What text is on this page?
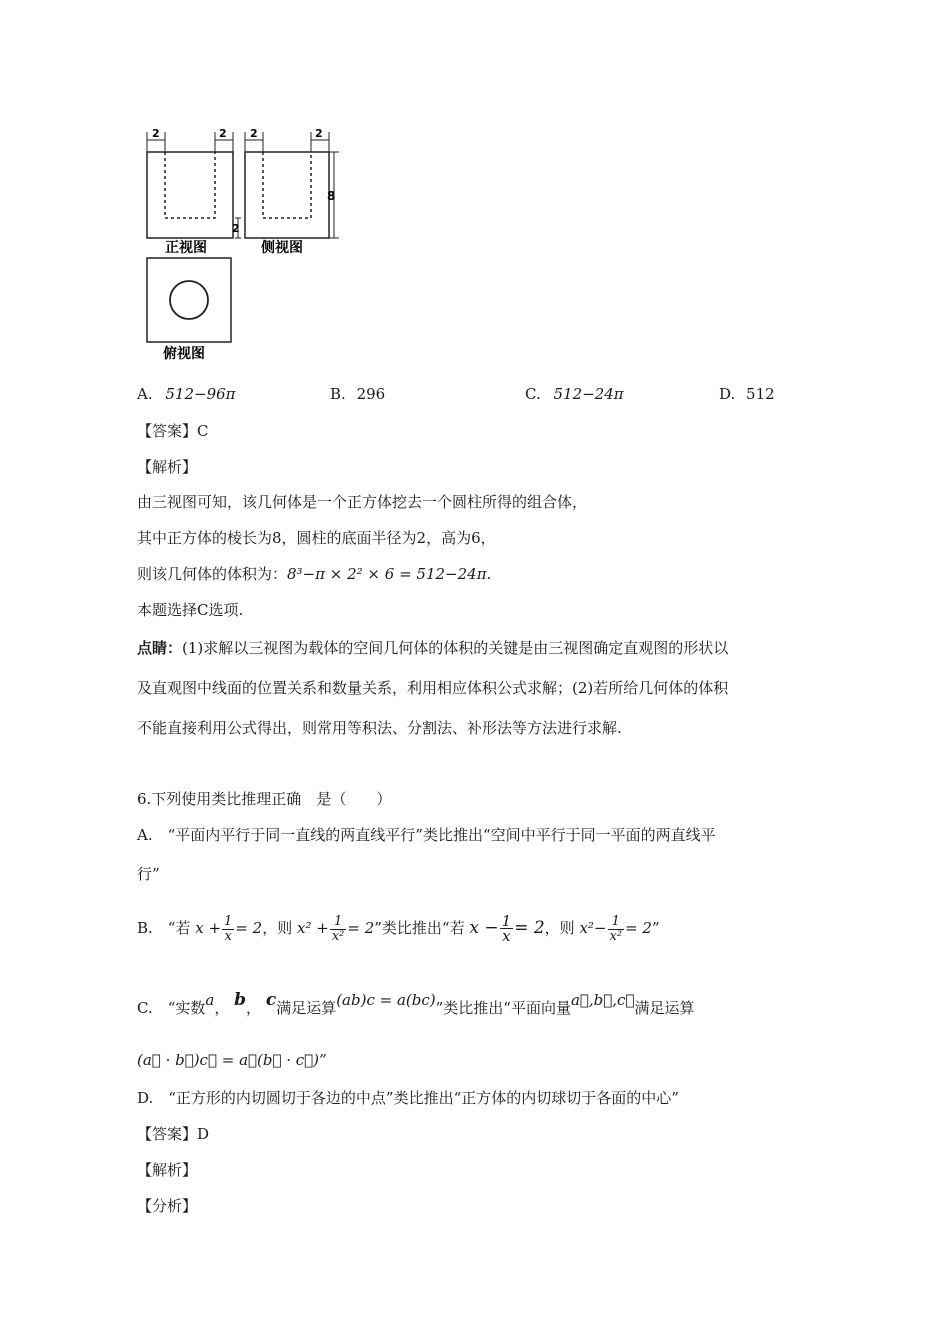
2	2
2
正视图
2	2
8
侧视图
俯视图
A. 512−96π	B. 296	C. 512−24π	D. 512
【答案】C
【解析】
由三视图可知，该几何体是一个正方体挖去一个圆柱所得的组合体，
其中正方体的棱长为8，圆柱的底面半径为2，高为6，
则该几何体的体积为：8³−π × 2² × 6 = 512−24π.
本题选择C选项.
点睛：(1)求解以三视图为载体的空间几何体的体积的关键是由三视图确定直观图的形状以
及直观图中线面的位置关系和数量关系，利用相应体积公式求解；(2)若所给几何体的体积
不能直接利用公式得出，则常用等积法、分割法、补形法等方法进行求解.
6.下列使用类比推理正确　是（　　）
A.　“平面内平行于同一直线的两直线平行”类比推出“空间中平行于同一平面的两直线平
行”
B.　“若 $x + \frac{1}{x} = 2$，则 $x^2 + \frac{1}{\text{x²}} = 2$”类比推出“若 $x - \frac{1}{x} = 2$，则 $x^2- \frac{1}{\text{x²}} = 2$”
C.　“实数a， b， c满足运算(ab)c = a(bc)”类比推出“平面向量a⃗,b⃗,c⃗满足运算
(a⃗ · b⃗)c⃗ = a⃗(b⃗ · c⃗)”
D.　“正方形的内切圆切于各边的中点”类比推出“正方体的内切球切于各面的中心”
【答案】D
【解析】
【分析】
